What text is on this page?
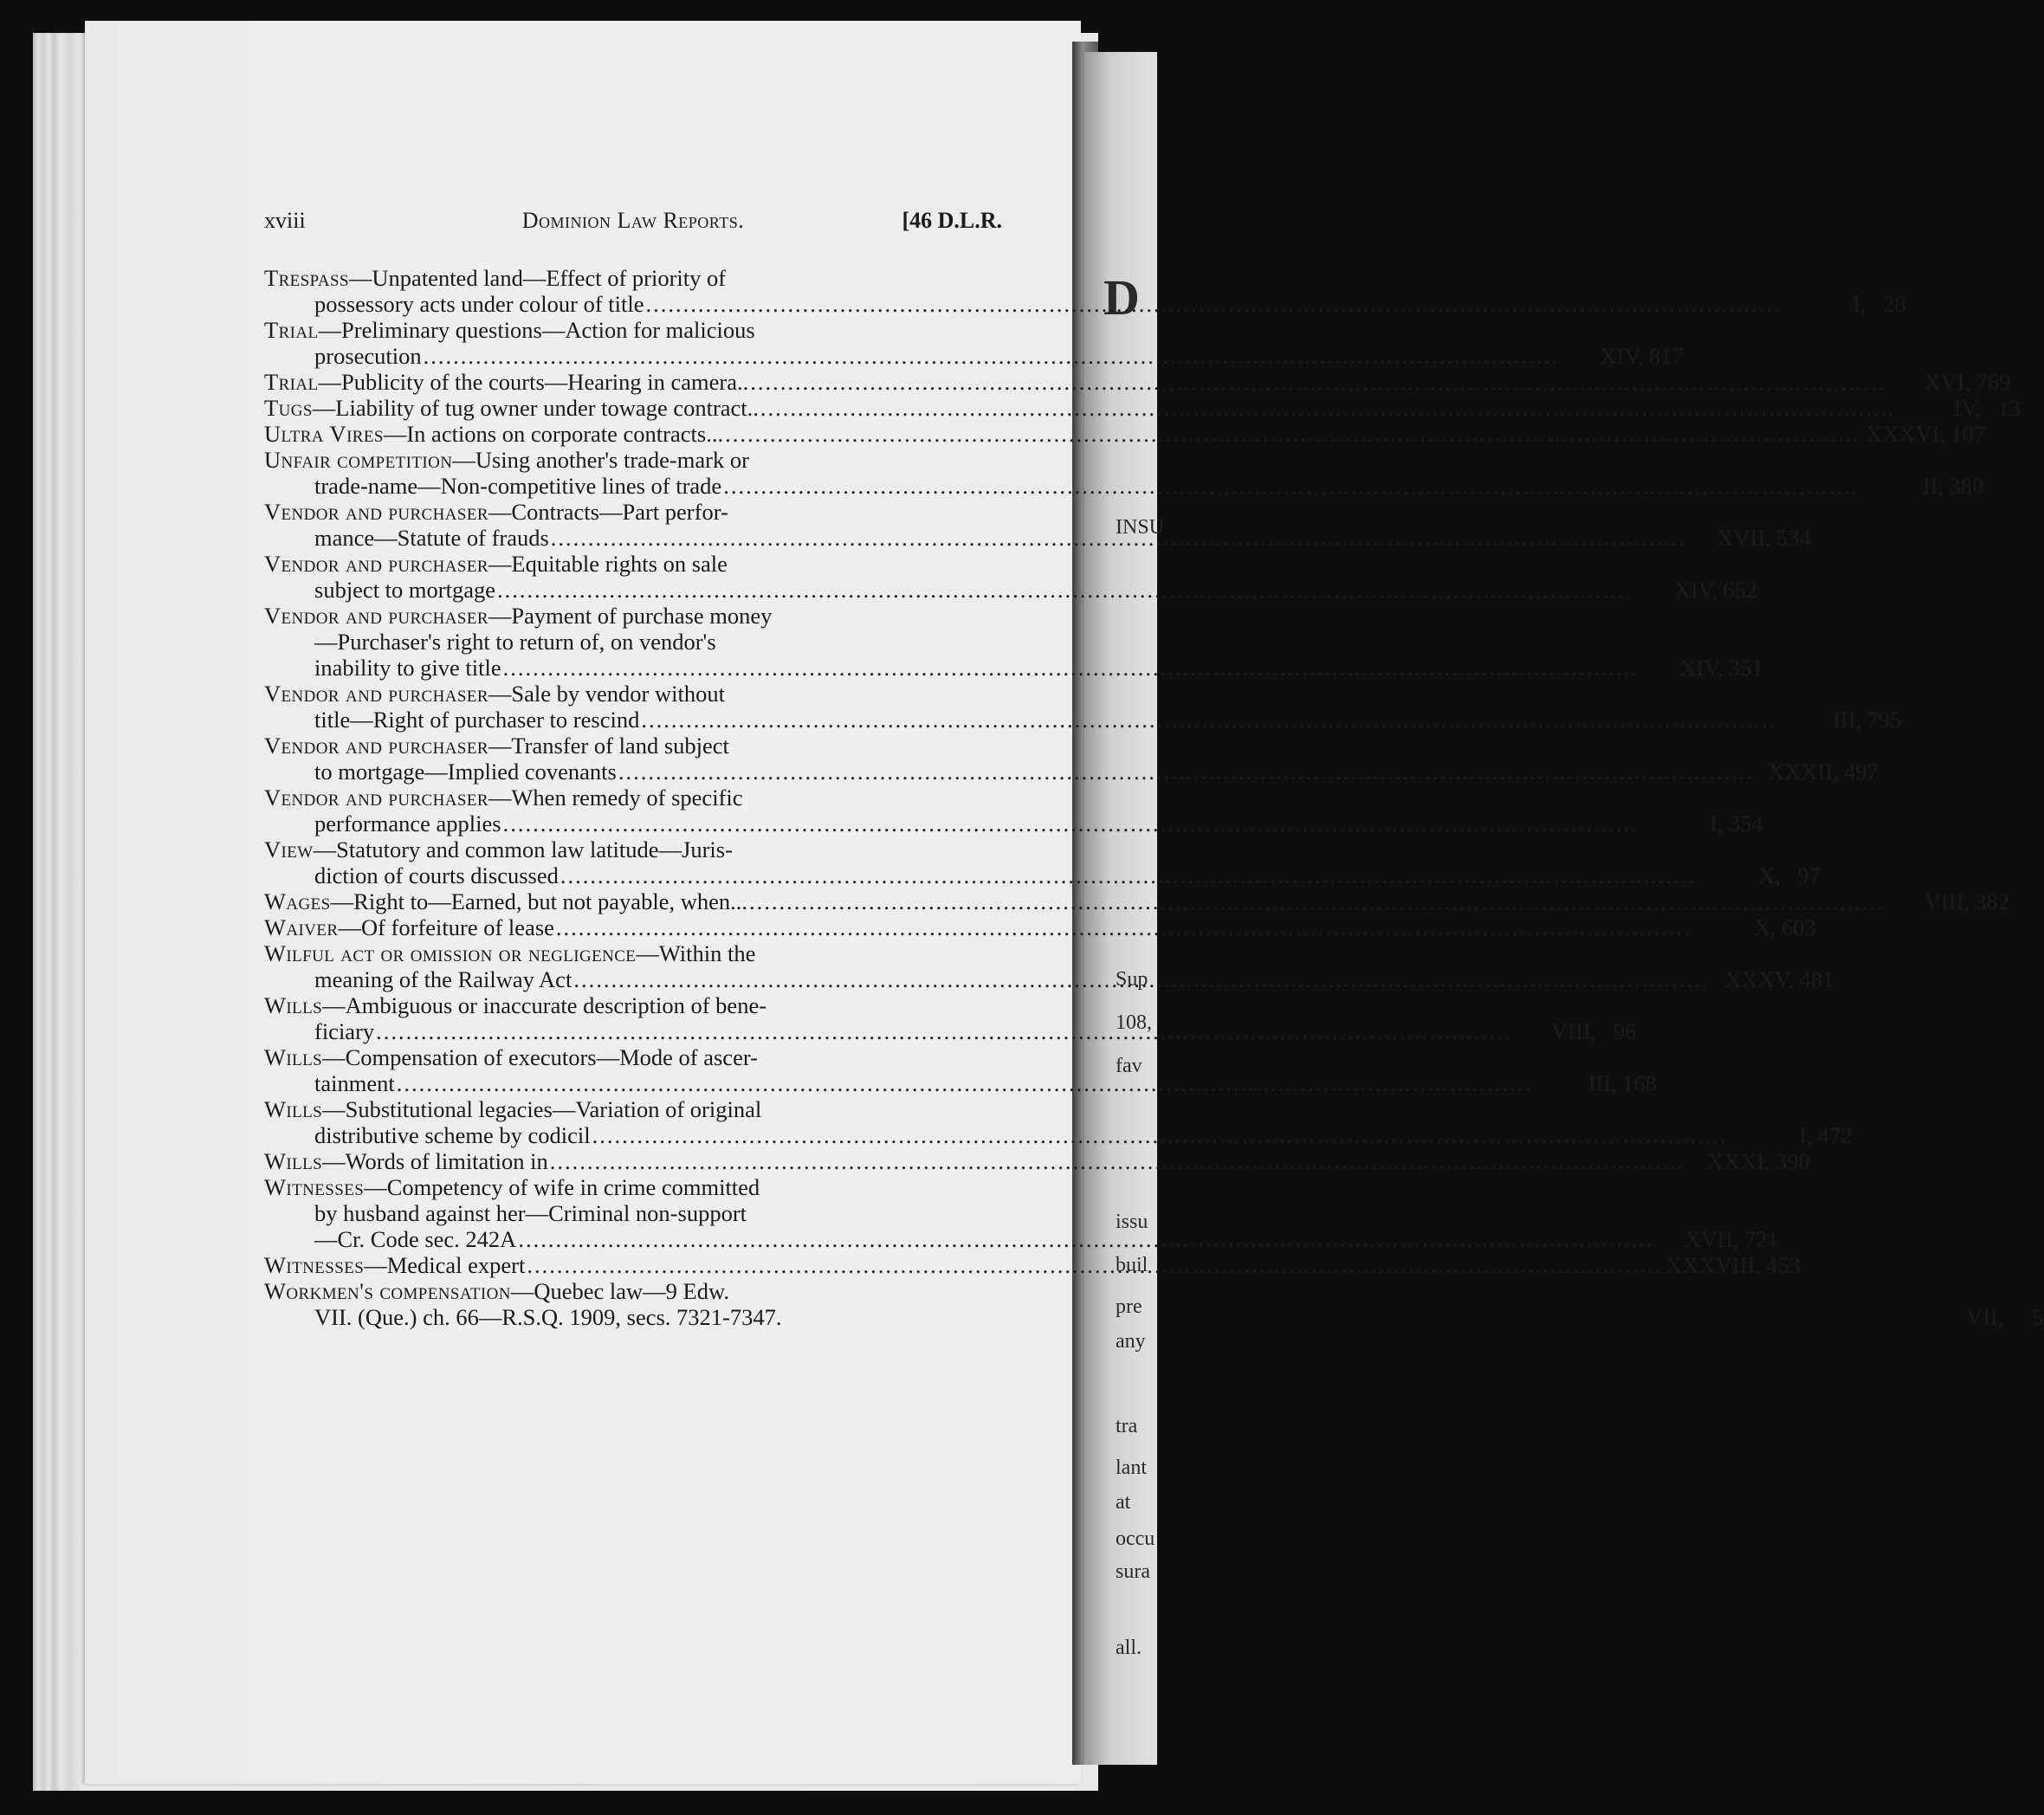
D
INSU
Sup
108,
fav
issu
buil
pre
any
tra
lant
at
occu
sura
all.
xviii	Dominion Law Reports.	[46 D.L.R.
Trespass—Unpatented land—Effect of priority of
possessory acts under colour of title .....	I, 28
Trial—Preliminary questions—Action for malicious
prosecution .....	XIV, 817
Trial—Publicity of the courts—Hearing in camera.. .....	XVI, 769
Tugs—Liability of tug owner under towage contract.. .....	IV, 13
Ultra Vires—In actions on corporate contracts... .....	XXXVI, 107
Unfair competition—Using another's trade-mark or
trade-name—Non-competitive lines of trade .....	II, 380
Vendor and purchaser—Contracts—Part perfor-
mance—Statute of frauds .....	XVII, 534
Vendor and purchaser—Equitable rights on sale
subject to mortgage .....	XIV, 652
Vendor and purchaser—Payment of purchase money
—Purchaser's right to return of, on vendor's
inability to give title .....	XIV, 351
Vendor and purchaser—Sale by vendor without
title—Right of purchaser to rescind .....	III, 795
Vendor and purchaser—Transfer of land subject
to mortgage—Implied covenants .....	XXXII, 497
Vendor and purchaser—When remedy of specific
performance applies .....	I, 354
View—Statutory and common law latitude—Juris-
diction of courts discussed .....	X, 97
Wages—Right to—Earned, but not payable, when... .....	VIII, 382
Waiver—Of forfeiture of lease .....	X, 603
Wilful act or omission or negligence—Within the
meaning of the Railway Act .....	XXXV, 481
Wills—Ambiguous or inaccurate description of bene-
ficiary .....	VIII, 96
Wills—Compensation of executors—Mode of ascer-
tainment .....	III, 168
Wills—Substitutional legacies—Variation of original
distributive scheme by codicil .....	I, 472
Wills—Words of limitation in .....	XXXI, 390
Witnesses—Competency of wife in crime committed
by husband against her—Criminal non-support
—Cr. Code sec. 242A .....	XVII, 721
Witnesses—Medical expert .....	XXXVIII, 453
Workmen's compensation—Quebec law—9 Edw.
VII. (Que.) ch. 66—R.S.Q. 1909, secs. 7321-7347.	VII, 5
